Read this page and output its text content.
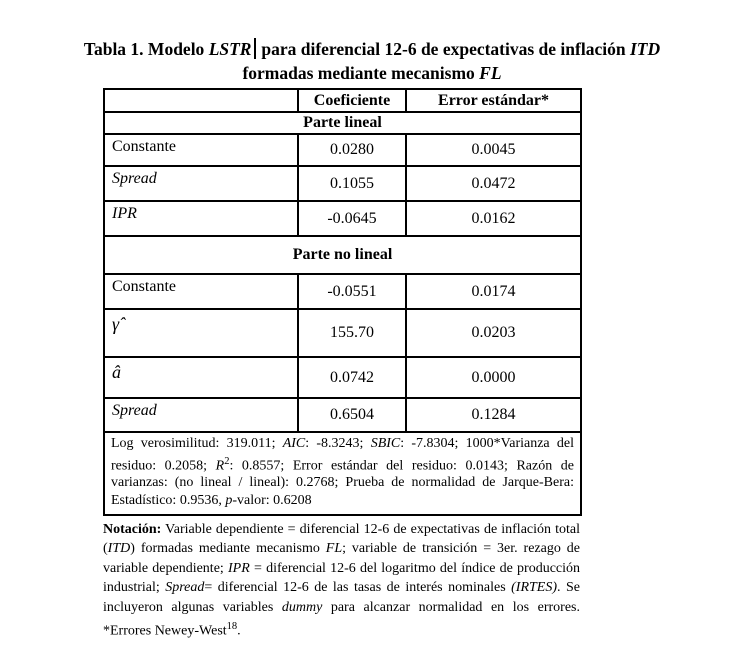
Tabla 1. Modelo LSTR para diferencial 12-6 de expectativas de inflación ITD
formadas mediante mecanismo FL
	Coeficiente	Error estándar*
Parte lineal		
Constante	0.0280	0.0045
Spread	0.1055	0.0472
IPR	-0.0645	0.0162
Parte no lineal		
Constante	-0.0551	0.0174
γ̂	155.70	0.0203
â	0.0742	0.0000
Spread	0.6504	0.1284
Log verosimilitud: 319.011; AIC: -8.3243; SBIC: -7.8304; 1000*Varianza del residuo: 0.2058; $R^2$: 0.8557; Error estándar del residuo: 0.0143; Razón de varianzas: (no lineal / lineal): 0.2768; Prueba de normalidad de Jarque-Bera: Estadístico: 0.9536, p-valor: 0.6208		

Notación: Variable dependiente = diferencial 12-6 de expectativas de inflación total (ITD) formadas mediante mecanismo FL; variable de transición = 3er. rezago de variable dependiente; IPR = diferencial 12-6 del logaritmo del índice de producción industrial; Spread= diferencial 12-6 de las tasas de interés nominales (IRTES). Se incluyeron algunas variables dummy para alcanzar normalidad en los errores. *Errores Newey-West$^{18}$.
